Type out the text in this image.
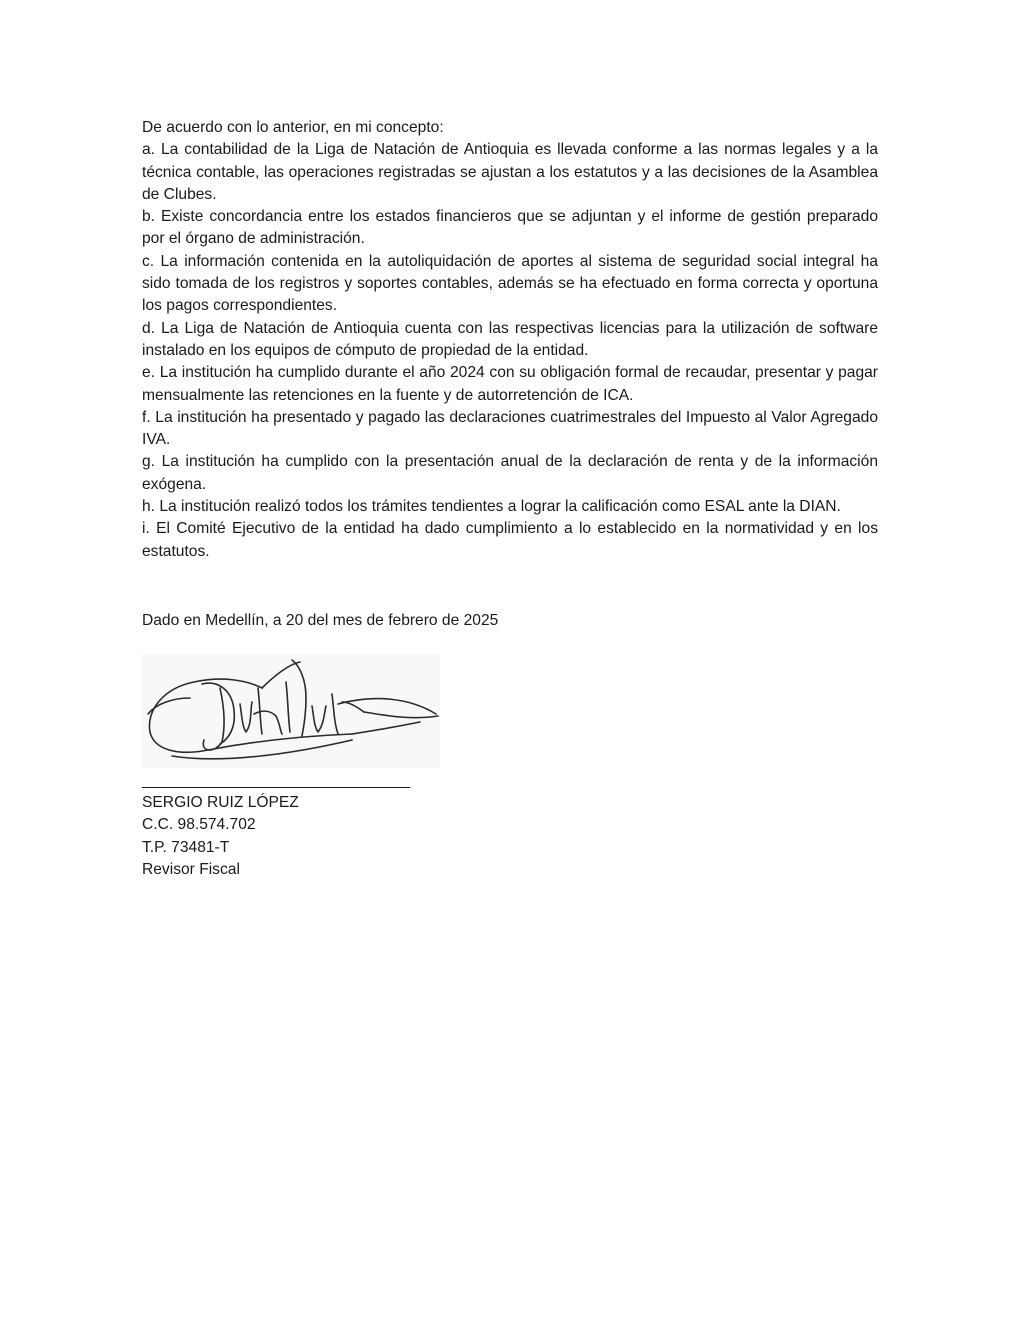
De acuerdo con lo anterior, en mi concepto:

a. La contabilidad de la Liga de Natación de Antioquia es llevada conforme a las normas legales y a la técnica contable, las operaciones registradas se ajustan a los estatutos y a las decisiones de la Asamblea de Clubes.

b. Existe concordancia entre los estados financieros que se adjuntan y el informe de gestión preparado por el órgano de administración.

c. La información contenida en la autoliquidación de aportes al sistema de seguridad social integral ha sido tomada de los registros y soportes contables, además se ha efectuado en forma correcta y oportuna los pagos correspondientes.

d. La Liga de Natación de Antioquia cuenta con las respectivas licencias para la utilización de software instalado en los equipos de cómputo de propiedad de la entidad.

e. La institución ha cumplido durante el año 2024 con su obligación formal de recaudar, presentar y pagar mensualmente las retenciones en la fuente y de autorretención de ICA.

f. La institución ha presentado y pagado las declaraciones cuatrimestrales del Impuesto al Valor Agregado IVA.

g. La institución ha cumplido con la presentación anual de la declaración de renta y de la información exógena.

h. La institución realizó todos los trámites tendientes a lograr la calificación como ESAL ante la DIAN.

i. El Comité Ejecutivo de la entidad ha dado cumplimiento a lo establecido en la normatividad y en los estatutos.

Dado en Medellín, a 20 del mes de febrero de 2025
________________________________
SERGIO RUIZ LÓPEZ
C.C. 98.574.702
T.P. 73481-T
Revisor Fiscal
